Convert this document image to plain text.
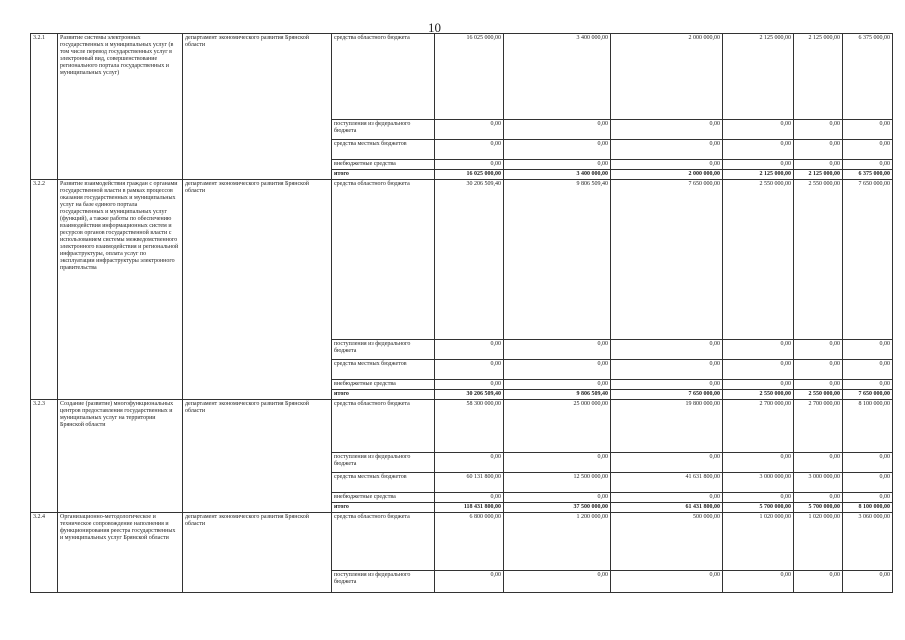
10
3.2.1	Развитие системы электронных государственных и муниципальных услуг (в том числе перевод государственных услуг в электронный вид, совершенствование регионального портала государственных и муниципальных услуг)	департамент экономического развития Брянской области	средства областного бюджета	16 025 000,00	3 400 000,00	2 000 000,00	2 125 000,00	2 125 000,00	6 375 000,00
			поступления из федерального бюджета	0,00	0,00	0,00	0,00	0,00	0,00
			средства местных бюджетов	0,00	0,00	0,00	0,00	0,00	0,00
			внебюджетные средства	0,00	0,00	0,00	0,00	0,00	0,00
			итого	16 025 000,00	3 400 000,00	2 000 000,00	2 125 000,00	2 125 000,00	6 375 000,00
3.2.2	Развитие взаимодействия граждан с органами государственной власти в рамках процессов оказания государственных и муниципальных услуг на базе единого портала государственных и муниципальных услуг (функций), а также работы по обеспечению взаимодействия информационных систем и ресурсов органов государственной власти с использованием системы межведомственного электронного взаимодействия и региональной инфраструктуры, оплата услуг по эксплуатации инфраструктуры электронного правительства	департамент экономического развития Брянской области	средства областного бюджета	30 206 509,40	9 806 509,40	7 650 000,00	2 550 000,00	2 550 000,00	7 650 000,00
			поступления из федерального бюджета	0,00	0,00	0,00	0,00	0,00	0,00
			средства местных бюджетов	0,00	0,00	0,00	0,00	0,00	0,00
			внебюджетные средства	0,00	0,00	0,00	0,00	0,00	0,00
			итого	30 206 509,40	9 806 509,40	7 650 000,00	2 550 000,00	2 550 000,00	7 650 000,00
3.2.3	Создание (развитие) многофункциональных центров предоставления государственных и муниципальных услуг на территории Брянской области	департамент экономического развития Брянской области	средства областного бюджета	58 300 000,00	25 000 000,00	19 800 000,00	2 700 000,00	2 700 000,00	8 100 000,00
			поступления из федерального бюджета	0,00	0,00	0,00	0,00	0,00	0,00
			средства местных бюджетов	60 131 800,00	12 500 000,00	41 631 800,00	3 000 000,00	3 000 000,00	0,00
			внебюджетные средства	0,00	0,00	0,00	0,00	0,00	0,00
			итого	118 431 800,00	37 500 000,00	61 431 800,00	5 700 000,00	5 700 000,00	8 100 000,00
3.2.4	Организационно-методологическое и техническое сопровождение наполнения и функционирования реестра государственных и муниципальных услуг Брянской области	департамент экономического развития Брянской области	средства областного бюджета	6 800 000,00	1 200 000,00	500 000,00	1 020 000,00	1 020 000,00	3 060 000,00
			поступления из федерального бюджета	0,00	0,00	0,00	0,00	0,00	0,00
